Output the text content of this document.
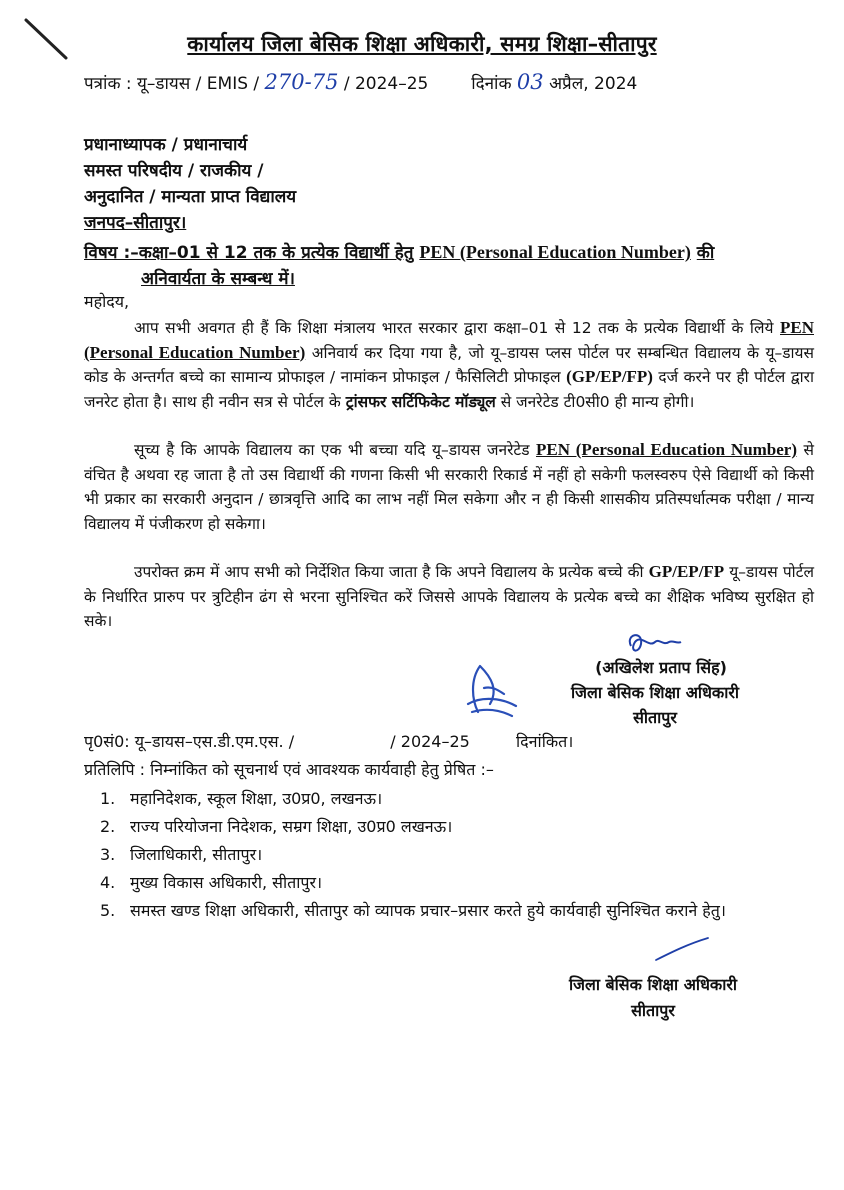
कार्यालय जिला बेसिक शिक्षा अधिकारी, समग्र शिक्षा–सीतापुर
पत्रांक : यू–डायस / EMIS / 270-75 / 2024–25	दिनांक 03 अप्रैल, 2024
प्रधानाध्यापक / प्रधानाचार्य
समस्त परिषदीय / राजकीय /
अनुदानित / मान्यता प्राप्त विद्यालय
जनपद–सीतापुर।
विषय :–कक्षा–01 से 12 तक के प्रत्येक विद्यार्थी हेतु PEN (Personal Education Number) की
अनिवार्यता के सम्बन्ध में।
महोदय,
आप सभी अवगत ही हैं कि शिक्षा मंत्रालय भारत सरकार द्वारा कक्षा–01 से 12 तक के प्रत्येक विद्यार्थी के लिये PEN (Personal Education Number) अनिवार्य कर दिया गया है, जो यू–डायस प्लस पोर्टल पर सम्बन्धित विद्यालय के यू–डायस कोड के अन्तर्गत बच्चे का सामान्य प्रोफाइल / नामांकन प्रोफाइल / फैसिलिटी प्रोफाइल (GP/EP/FP) दर्ज करने पर ही पोर्टल द्वारा जनरेट होता है। साथ ही नवीन सत्र से पोर्टल के ट्रांसफर सर्टिफिकेट मॉड्यूल से जनरेटेड टी0सी0 ही मान्य होगी।
सूच्य है कि आपके विद्यालय का एक भी बच्चा यदि यू–डायस जनरेटेड PEN (Personal Education Number) से वंचित है अथवा रह जाता है तो उस विद्यार्थी की गणना किसी भी सरकारी रिकार्ड में नहीं हो सकेगी फलस्वरुप ऐसे विद्यार्थी को किसी भी प्रकार का सरकारी अनुदान / छात्रवृत्ति आदि का लाभ नहीं मिल सकेगा और न ही किसी शासकीय प्रतिस्पर्धात्मक परीक्षा / मान्य विद्यालय में पंजीकरण हो सकेगा।
उपरोक्त क्रम में आप सभी को निर्देशित किया जाता है कि अपने विद्यालय के प्रत्येक बच्चे की GP/EP/FP यू–डायस पोर्टल के निर्धारित प्रारुप पर त्रुटिहीन ढंग से भरना सुनिश्चित करें जिससे आपके विद्यालय के प्रत्येक बच्चे का शैक्षिक भविष्य सुरक्षित हो सके।
(अखिलेश प्रताप सिंह)
जिला बेसिक शिक्षा अधिकारी
सीतापुर
पृ0सं0: यू–डायस–एस.डी.एम.एस. /	/ 2024–25	दिनांकित।
प्रतिलिपि : निम्नांकित को सूचनार्थ एवं आवश्यक कार्यवाही हेतु प्रेषित :–
1. महानिदेशक, स्कूल शिक्षा, उ0प्र0, लखनऊ।
2. राज्य परियोजना निदेशक, सम्रग शिक्षा, उ0प्र0 लखनऊ।
3. जिलाधिकारी, सीतापुर।
4. मुख्य विकास अधिकारी, सीतापुर।
5. समस्त खण्ड शिक्षा अधिकारी, सीतापुर को व्यापक प्रचार–प्रसार करते हुये कार्यवाही सुनिश्चित कराने हेतु।
जिला बेसिक शिक्षा अधिकारी
सीतापुर
